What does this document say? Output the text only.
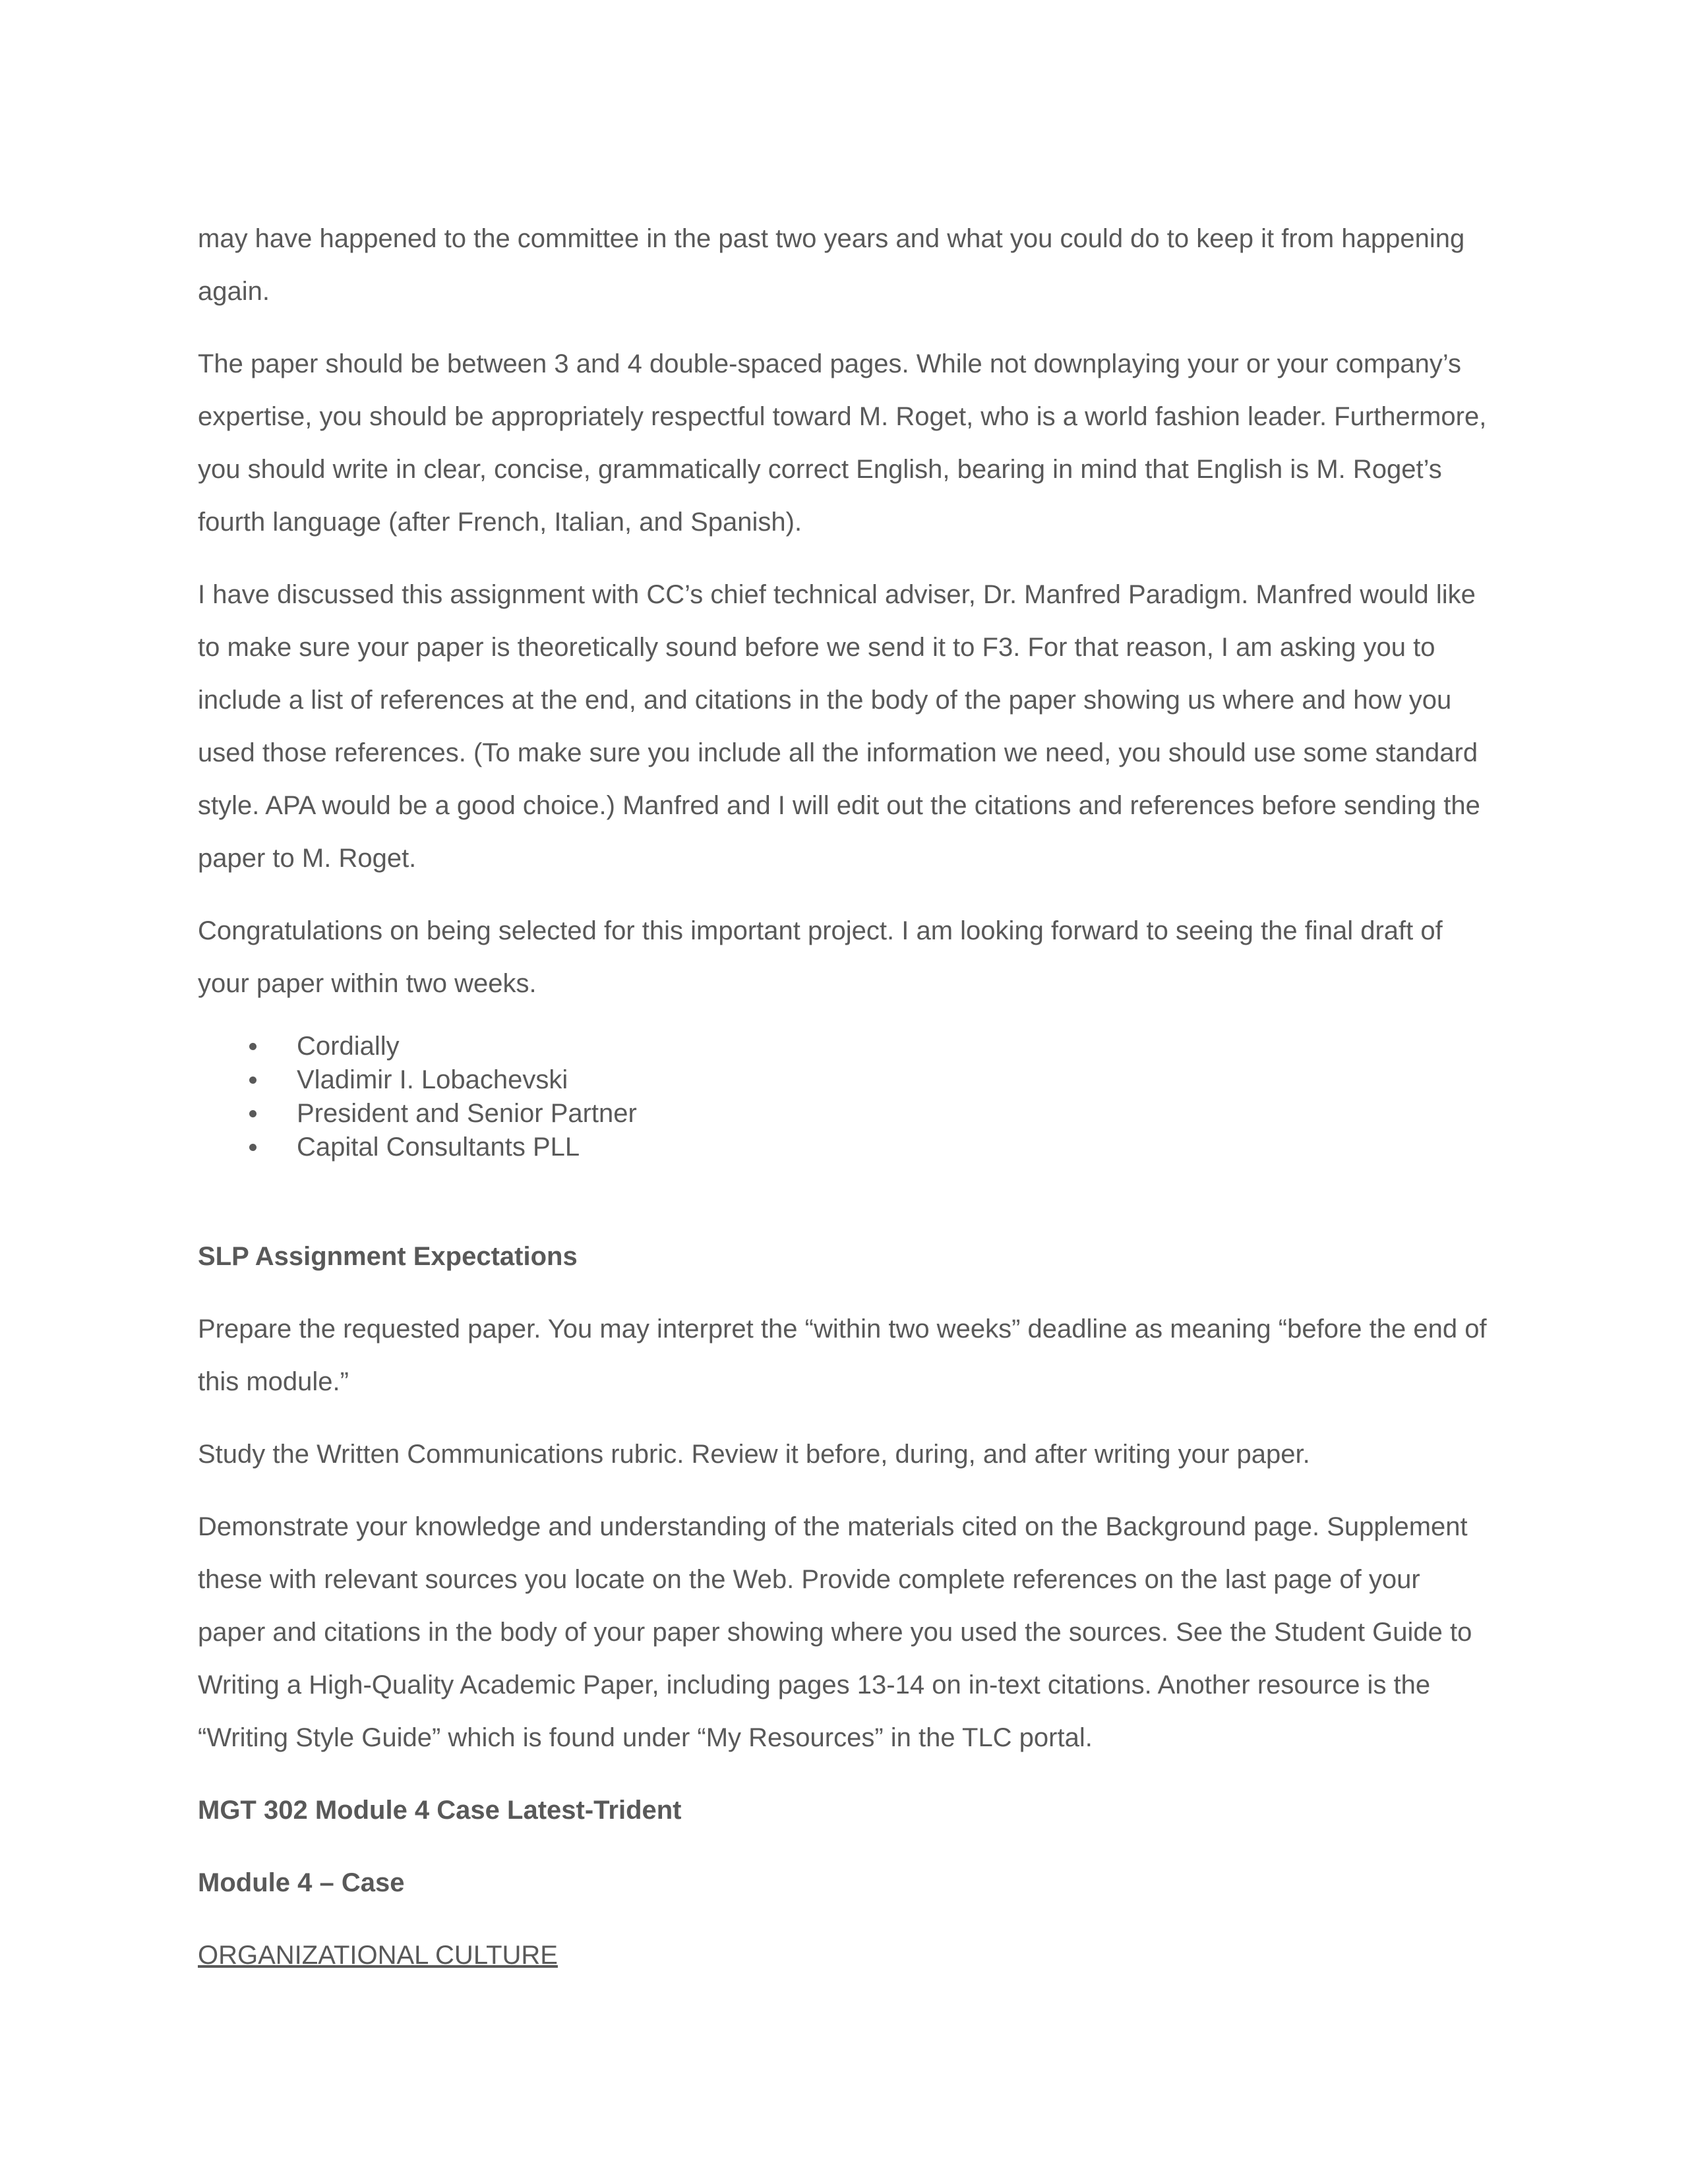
may have happened to the committee in the past two years and what you could do to keep it from happening again.

The paper should be between 3 and 4 double-spaced pages. While not downplaying your or your company’s expertise, you should be appropriately respectful toward M. Roget, who is a world fashion leader. Furthermore, you should write in clear, concise, grammatically correct English, bearing in mind that English is M. Roget’s fourth language (after French, Italian, and Spanish).

I have discussed this assignment with CC’s chief technical adviser, Dr. Manfred Paradigm. Manfred would like to make sure your paper is theoretically sound before we send it to F3. For that reason, I am asking you to include a list of references at the end, and citations in the body of the paper showing us where and how you used those references. (To make sure you include all the information we need, you should use some standard style. APA would be a good choice.) Manfred and I will edit out the citations and references before sending the paper to M. Roget.

Congratulations on being selected for this important project. I am looking forward to seeing the final draft of your paper within two weeks.

Cordially
Vladimir I. Lobachevski
President and Senior Partner
Capital Consultants PLL

SLP Assignment Expectations

Prepare the requested paper. You may interpret the “within two weeks” deadline as meaning “before the end of this module.”

Study the Written Communications rubric. Review it before, during, and after writing your paper.

Demonstrate your knowledge and understanding of the materials cited on the Background page. Supplement these with relevant sources you locate on the Web. Provide complete references on the last page of your paper and citations in the body of your paper showing where you used the sources. See the Student Guide to Writing a High-Quality Academic Paper, including pages 13-14 on in-text citations. Another resource is the “Writing Style Guide” which is found under “My Resources” in the TLC portal.

MGT 302 Module 4 Case Latest-Trident

Module 4 – Case

ORGANIZATIONAL CULTURE
